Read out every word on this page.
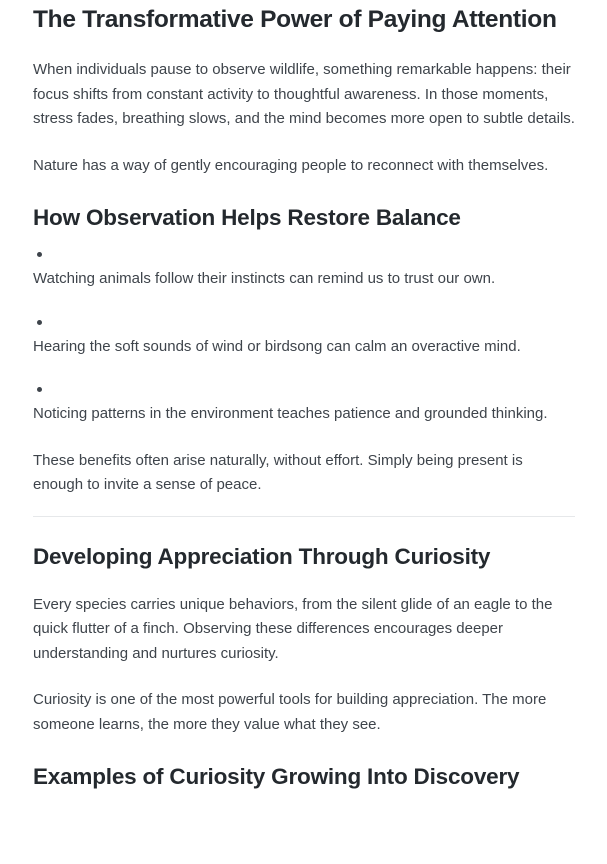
The Transformative Power of Paying Attention

When individuals pause to observe wildlife, something remarkable happens: their focus shifts from constant activity to thoughtful awareness. In those moments, stress fades, breathing slows, and the mind becomes more open to subtle details.

Nature has a way of gently encouraging people to reconnect with themselves.

How Observation Helps Restore Balance

Watching animals follow their instincts can remind us to trust our own.

Hearing the soft sounds of wind or birdsong can calm an overactive mind.

Noticing patterns in the environment teaches patience and grounded thinking.

These benefits often arise naturally, without effort. Simply being present is enough to invite a sense of peace.

Developing Appreciation Through Curiosity

Every species carries unique behaviors, from the silent glide of an eagle to the quick flutter of a finch. Observing these differences encourages deeper understanding and nurtures curiosity.

Curiosity is one of the most powerful tools for building appreciation. The more someone learns, the more they value what they see.

Examples of Curiosity Growing Into Discovery
